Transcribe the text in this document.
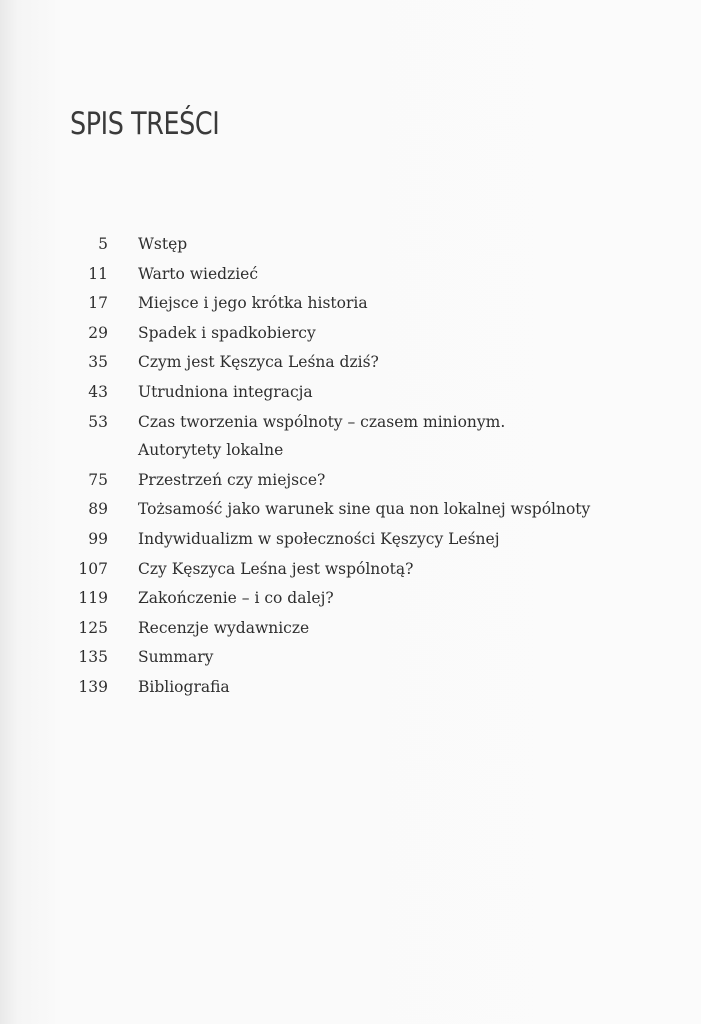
SPIS TREŚCI
5 Wstęp
11 Warto wiedzieć
17 Miejsce i jego krótka historia
29 Spadek i spadkobiercy
35 Czym jest Kęszyca Leśna dziś?
43 Utrudniona integracja
53 Czas tworzenia wspólnoty – czasem minionym.
Autorytety lokalne
75 Przestrzeń czy miejsce?
89 Tożsamość jako warunek sine qua non lokalnej wspólnoty
99 Indywidualizm w społeczności Kęszycy Leśnej
107 Czy Kęszyca Leśna jest wspólnotą?
119 Zakończenie – i co dalej?
125 Recenzje wydawnicze
135 Summary
139 Bibliografia
